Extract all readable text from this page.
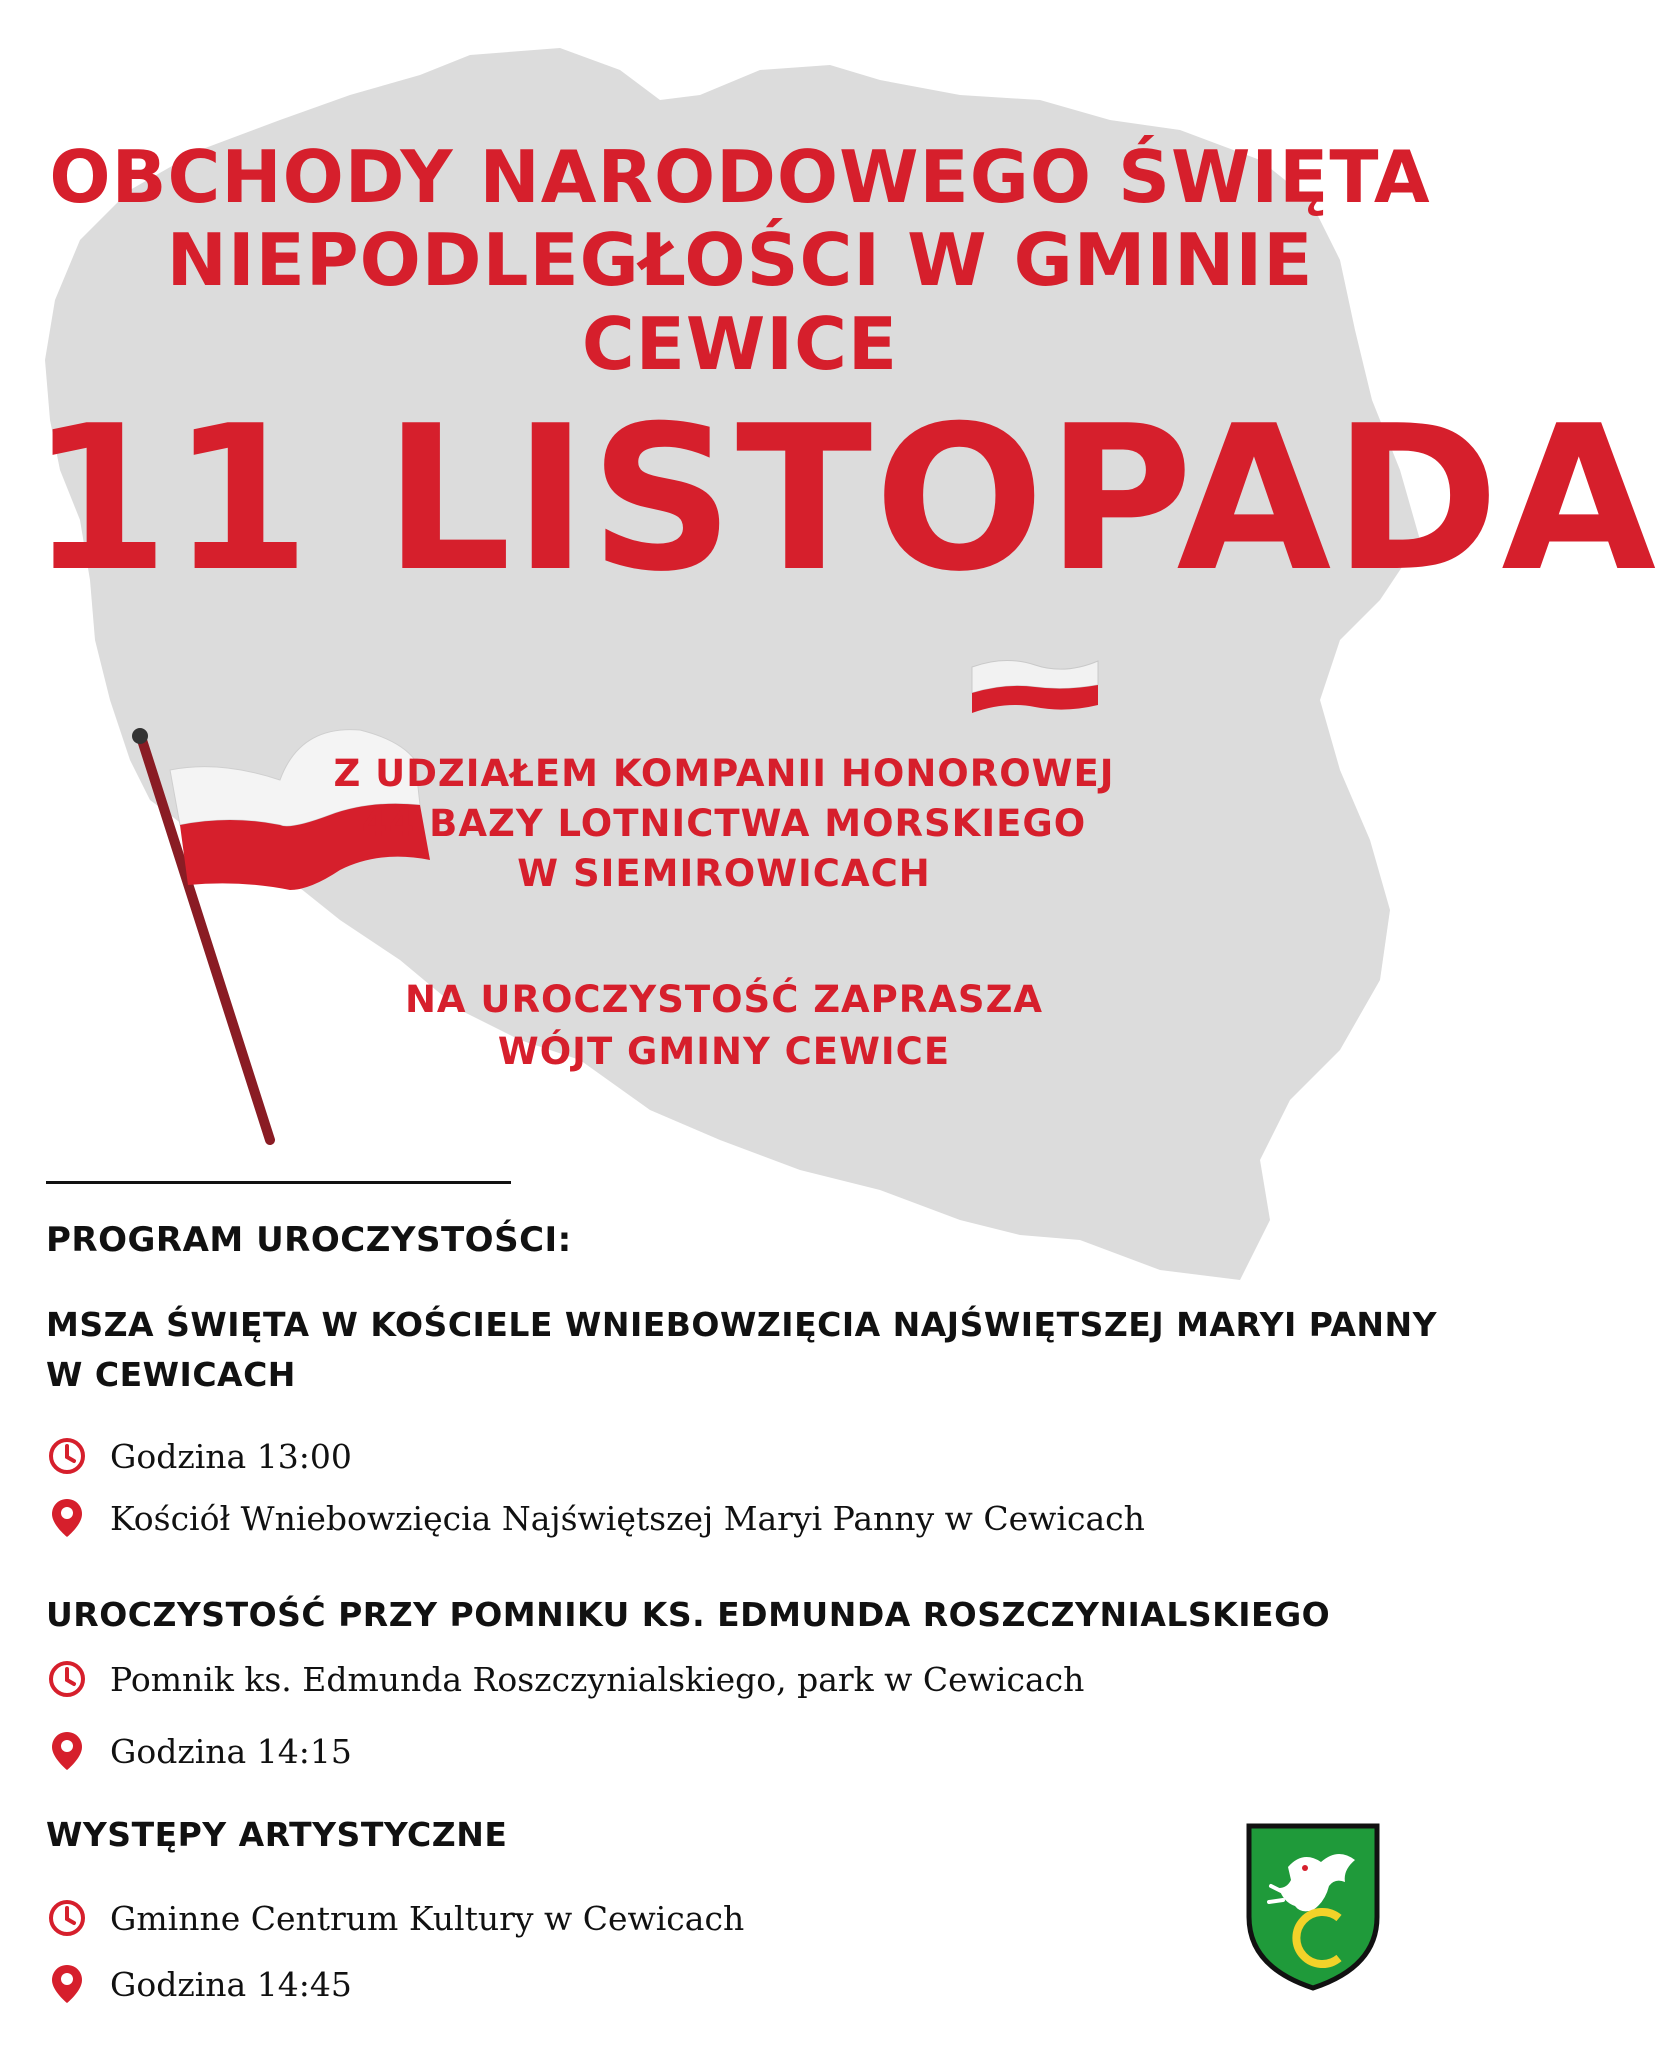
OBCHODY NARODOWEGO ŚWIĘTA
NIEPODLEGŁOŚCI W GMINIE CEWICE
11 LISTOPADA

Z UDZIAŁEM KOMPANII HONOROWEJ

44 BAZY LOTNICTWA MORSKIEGO

W SIEMIROWICACH

NA UROCZYSTOŚĆ ZAPRASZA

WÓJT GMINY CEWICE

PROGRAM UROCZYSTOŚCI:
MSZA ŚWIĘTA W KOŚCIELE WNIEBOWZIĘCIA NAJŚWIĘTSZEJ MARYI PANNY
W CEWICACH
Godzina 13:00
Kościół Wniebowzięcia Najświętszej Maryi Panny w Cewicach
UROCZYSTOŚĆ PRZY POMNIKU KS. EDMUNDA ROSZCZYNIALSKIEGO
Pomnik ks. Edmunda Roszczynialskiego, park w Cewicach
Godzina 14:15
WYSTĘPY ARTYSTYCZNE
Gminne Centrum Kultury w Cewicach
Godzina 14:45
